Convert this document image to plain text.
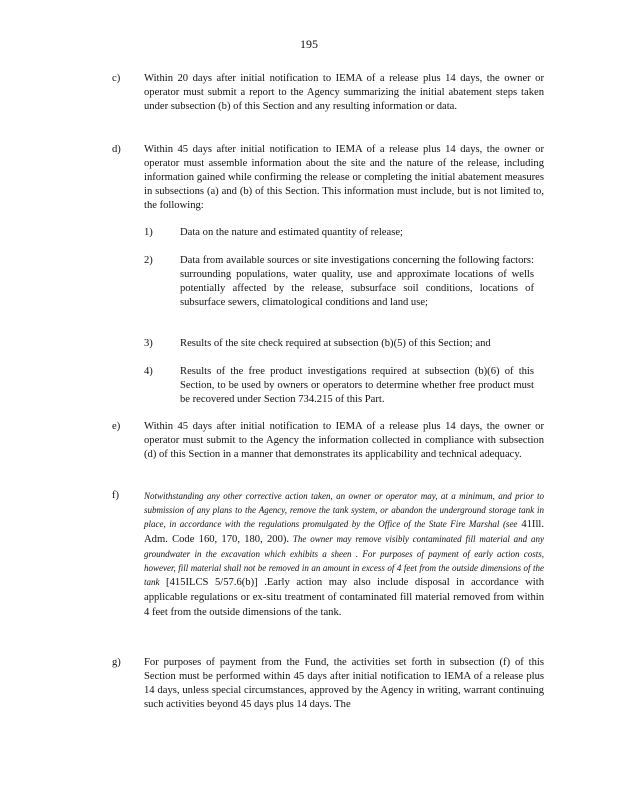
195
c)	Within 20 days after initial notification to IEMA of a release plus 14 days, the owner or operator must submit a report to the Agency summarizing the initial abatement steps taken under subsection (b) of this Section and any resulting information or data.
d)	Within 45 days after initial notification to IEMA of a release plus 14 days, the owner or operator must assemble information about the site and the nature of the release, including information gained while confirming the release or completing the initial abatement measures in subsections (a) and (b) of this Section. This information must include, but is not limited to, the following:
1)	Data on the nature and estimated quantity of release;
2)	Data from available sources or site investigations concerning the following factors: surrounding populations, water quality, use and approximate locations of wells potentially affected by the release, subsurface soil conditions, locations of subsurface sewers, climatological conditions and land use;
3)	Results of the site check required at subsection (b)(5) of this Section; and
4)	Results of the free product investigations required at subsection (b)(6) of this Section, to be used by owners or operators to determine whether free product must be recovered under Section 734.215 of this Part.
e)	Within 45 days after initial notification to IEMA of a release plus 14 days, the owner or operator must submit to the Agency the information collected in compliance with subsection (d) of this Section in a manner that demonstrates its applicability and technical adequacy.
f)	Notwithstanding any other corrective action taken, an owner or operator may, at a minimum, and prior to submission of any plans to the Agency, remove the tank system, or abandon the underground storage tank in place, in accordance with the regulations promulgated by the Office of the State Fire Marshal (see 41Ill. Adm. Code 160, 170, 180, 200). The owner may remove visibly contaminated fill material and any groundwater in the excavation which exhibits a sheen . For purposes of payment of early action costs, however, fill material shall not be removed in an amount in excess of 4 feet from the outside dimensions of the tank [415ILCS 5/57.6(b)] .Early action may also include disposal in accordance with applicable regulations or ex-situ treatment of contaminated fill material removed from within 4 feet from the outside dimensions of the tank.
g)	For purposes of payment from the Fund, the activities set forth in subsection (f) of this Section must be performed within 45 days after initial notification to IEMA of a release plus 14 days, unless special circumstances, approved by the Agency in writing, warrant continuing such activities beyond 45 days plus 14 days. The
